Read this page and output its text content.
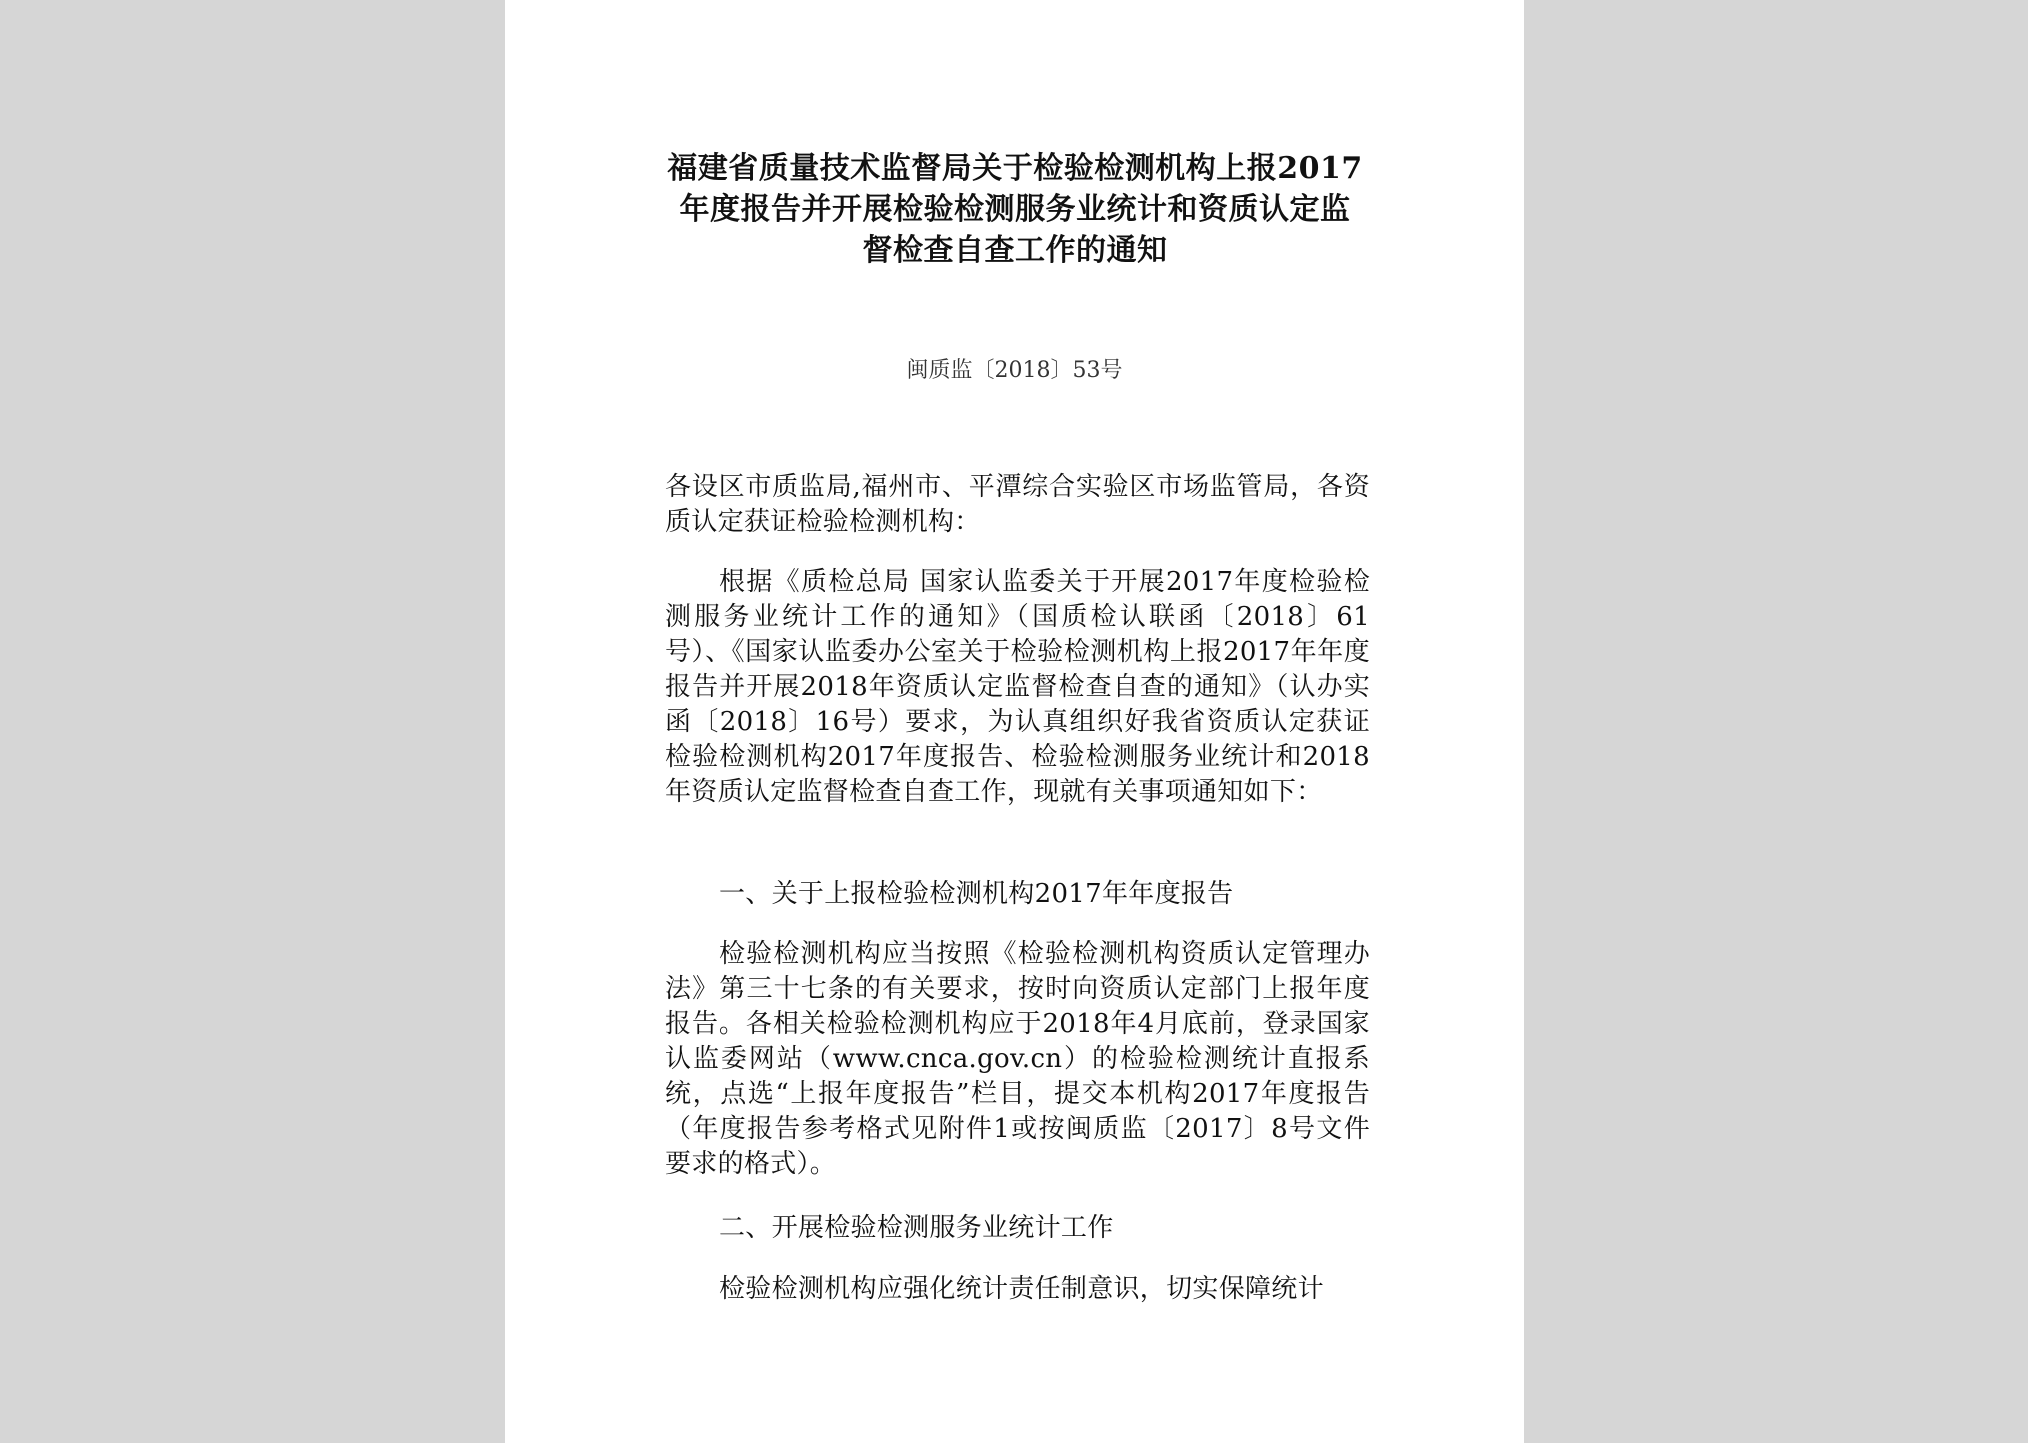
福建省质量技术监督局关于检验检测机构上报2017年度报告并开展检验检测服务业统计和资质认定监督检查自查工作的通知
闽质监〔2018〕53号

各设区市质监局,福州市、平潭综合实验区市场监管局，各资质认定获证检验检测机构：

根据《质检总局 国家认监委关于开展2017年度检验检测服务业统计工作的通知》（国质检认联函〔2018〕61号）、《国家认监委办公室关于检验检测机构上报2017年年度报告并开展2018年资质认定监督检查自查的通知》（认办实函〔2018〕16号）要求，为认真组织好我省资质认定获证检验检测机构2017年度报告、检验检测服务业统计和2018年资质认定监督检查自查工作，现就有关事项通知如下：

一、关于上报检验检测机构2017年年度报告

检验检测机构应当按照《检验检测机构资质认定管理办法》第三十七条的有关要求，按时向资质认定部门上报年度报告。各相关检验检测机构应于2018年4月底前，登录国家认监委网站（www.cnca.gov.cn）的检验检测统计直报系统，点选“上报年度报告”栏目，提交本机构2017年度报告（年度报告参考格式见附件1或按闽质监〔2017〕8号文件要求的格式）。

二、开展检验检测服务业统计工作

检验检测机构应强化统计责任制意识，切实保障统计
